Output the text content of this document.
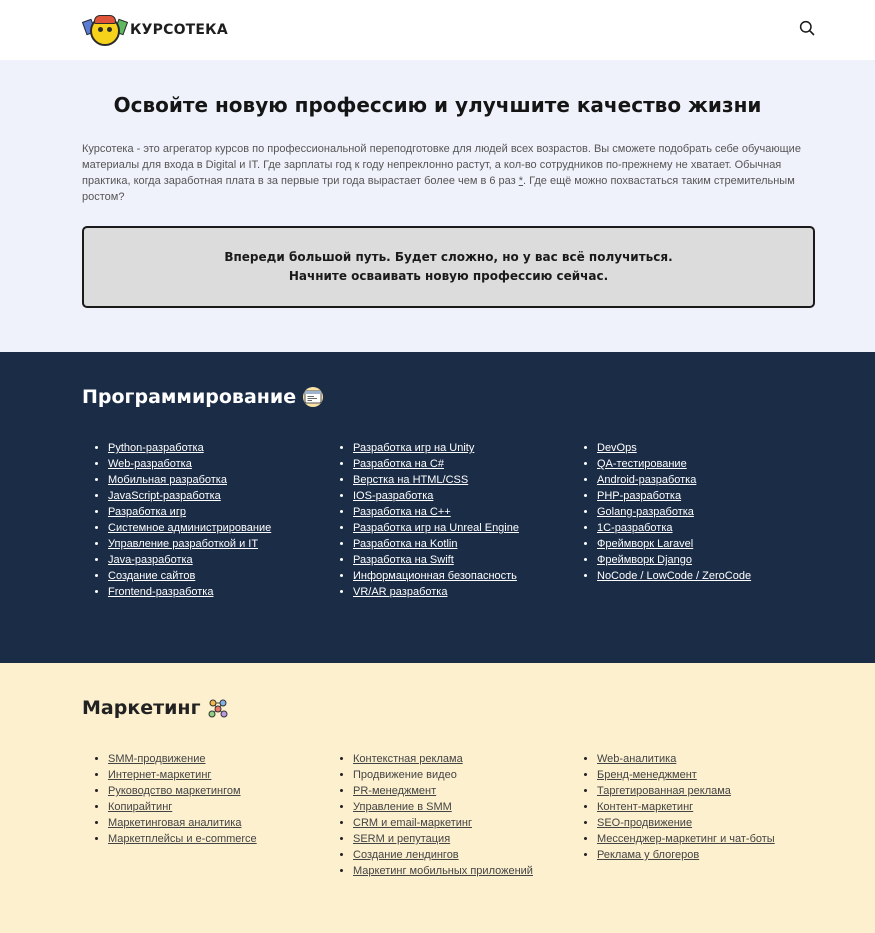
КУРСОТЕКА
Освойте новую профессию и улучшите качество жизни

Курсотека - это агрегатор курсов по профессиональной переподготовке для людей всех возрастов. Вы сможете подобрать себе обучающие материалы для входа в Digital и IT. Где зарплаты год к году непреклонно растут, а кол-во сотрудников по-прежнему не хватает. Обычная практика, когда заработная плата в за первые три года вырастает более чем в 6 раз *. Где ещё можно похвастаться таким стремительным ростом?

Впереди большой путь. Будет сложно, но у вас всё получиться.
Начните осваивать новую профессию сейчас.
Программирование
• Python-разработка
• Web-разработка
• Мобильная разработка
• JavaScript-разработка
• Разработка игр
• Системное администрирование
• Управление разработкой и IT
• Java-разработка
• Создание сайтов
• Frontend-разработка
• Разработка игр на Unity
• Разработка на C#
• Верстка на HTML/CSS
• IOS-разработка
• Разработка на C++
• Разработка игр на Unreal Engine
• Разработка на Kotlin
• Разработка на Swift
• Информационная безопасность
• VR/AR разработка
• DevOps
• QA-тестирование
• Android-разработка
• PHP-разработка
• Golang-разработка
• 1С-разработка
• Фреймворк Laravel
• Фреймворк Django
• NoCode / LowCode / ZeroCode
Маркетинг
• SMM-продвижение
• Интернет-маркетинг
• Руководство маркетингом
• Копирайтинг
• Маркетинговая аналитика
• Маркетплейсы и e-commerce
• Контекстная реклама
• Продвижение видео
• PR-менеджмент
• Управление в SMM
• CRM и email-маркетинг
• SERM и репутация
• Создание лендингов
• Маркетинг мобильных приложений
• Web-аналитика
• Бренд-менеджмент
• Таргетированная реклама
• Контент-маркетинг
• SEO-продвижение
• Мессенджер-маркетинг и чат-боты
• Реклама у блогеров
